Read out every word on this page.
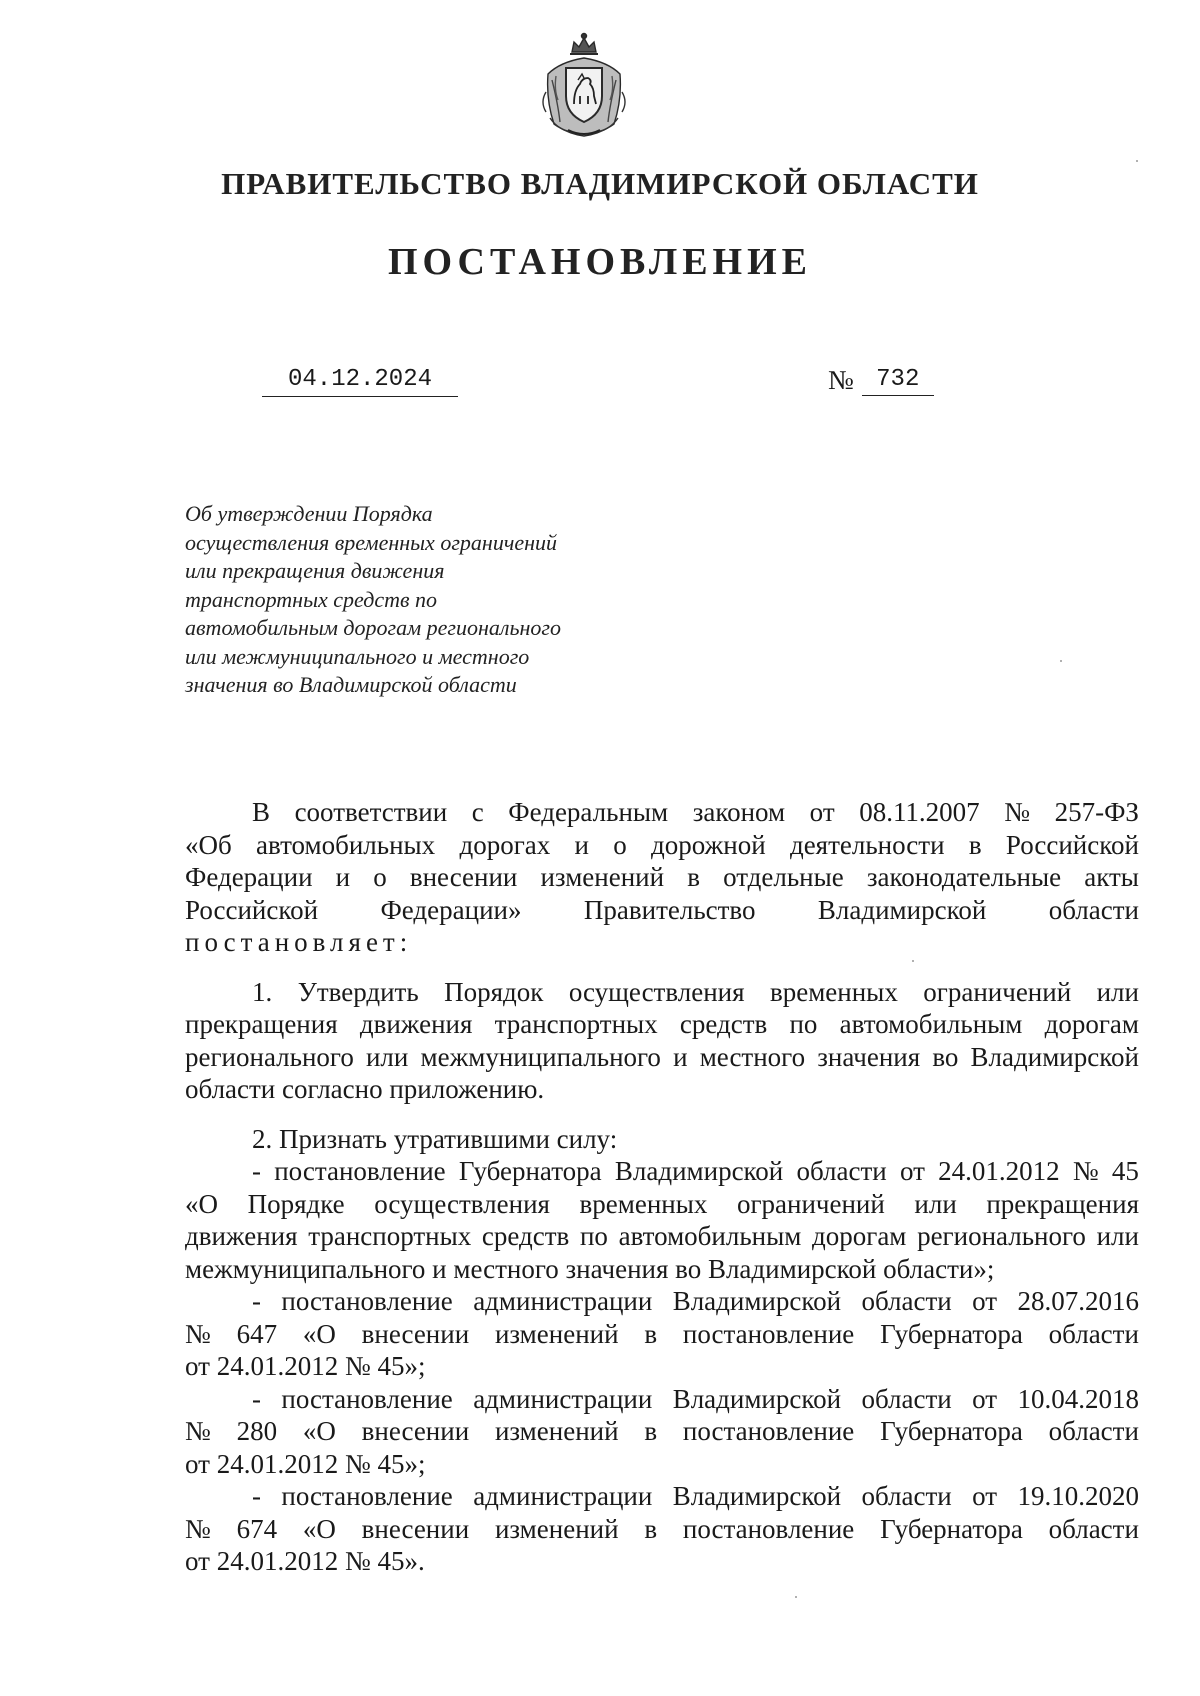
ПРАВИТЕЛЬСТВО ВЛАДИМИРСКОЙ ОБЛАСТИ
ПОСТАНОВЛЕНИЕ
04.12.2024	№ 732
Об утверждении Порядка
осуществления временных ограничений
или прекращения движения
транспортных средств по
автомобильным дорогам регионального
или межмуниципального и местного
значения во Владимирской области
В соответствии с Федеральным законом от 08.11.2007 № 257-ФЗ
«Об автомобильных дорогах и о дорожной деятельности в Российской
Федерации и о внесении изменений в отдельные законодательные акты
Российской Федерации» Правительство Владимирской области
постановляет:
1. Утвердить Порядок осуществления временных ограничений или
прекращения движения транспортных средств по автомобильным дорогам
регионального или межмуниципального и местного значения во Владимирской
области согласно приложению.
2. Признать утратившими силу:
- постановление Губернатора Владимирской области от 24.01.2012 № 45
«О Порядке осуществления временных ограничений или прекращения
движения транспортных средств по автомобильным дорогам регионального или
межмуниципального и местного значения во Владимирской области»;
- постановление администрации Владимирской области от 28.07.2016
№ 647 «О внесении изменений в постановление Губернатора области
от 24.01.2012 № 45»;
- постановление администрации Владимирской области от 10.04.2018
№ 280 «О внесении изменений в постановление Губернатора области
от 24.01.2012 № 45»;
- постановление администрации Владимирской области от 19.10.2020
№ 674 «О внесении изменений в постановление Губернатора области
от 24.01.2012 № 45».
